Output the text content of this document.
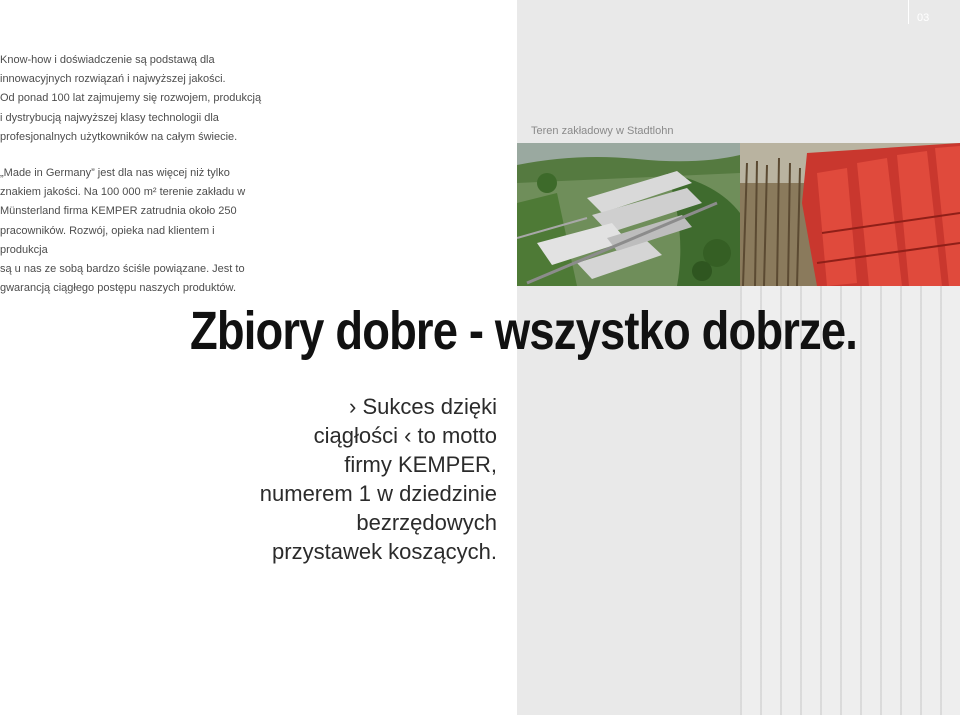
03

Know-how i doświadczenie są podstawą dla
innowacyjnych rozwiązań i najwyższej jakości.
Od ponad 100 lat zajmujemy się rozwojem, produkcją
i dystrybucją najwyższej klasy technologii dla
profesjonalnych użytkowników na całym świecie.

„Made in Germany” jest dla nas więcej niż tylko
znakiem jakości. Na 100 000 m² terenie zakładu w
Münsterland firma KEMPER zatrudnia około 250
pracowników. Rozwój, opieka nad klientem i produkcja
są u nas ze sobą bardzo ściśle powiązane. Jest to
gwarancją ciągłego postępu naszych produktów.

Teren zakładowy w Stadtlohn
Zbiory dobre - wszystko dobrze.

› Sukces dzięki
ciągłości ‹ to motto
firmy KEMPER,
numerem 1 w dziedzinie
bezrzędowych
przystawek koszących.
